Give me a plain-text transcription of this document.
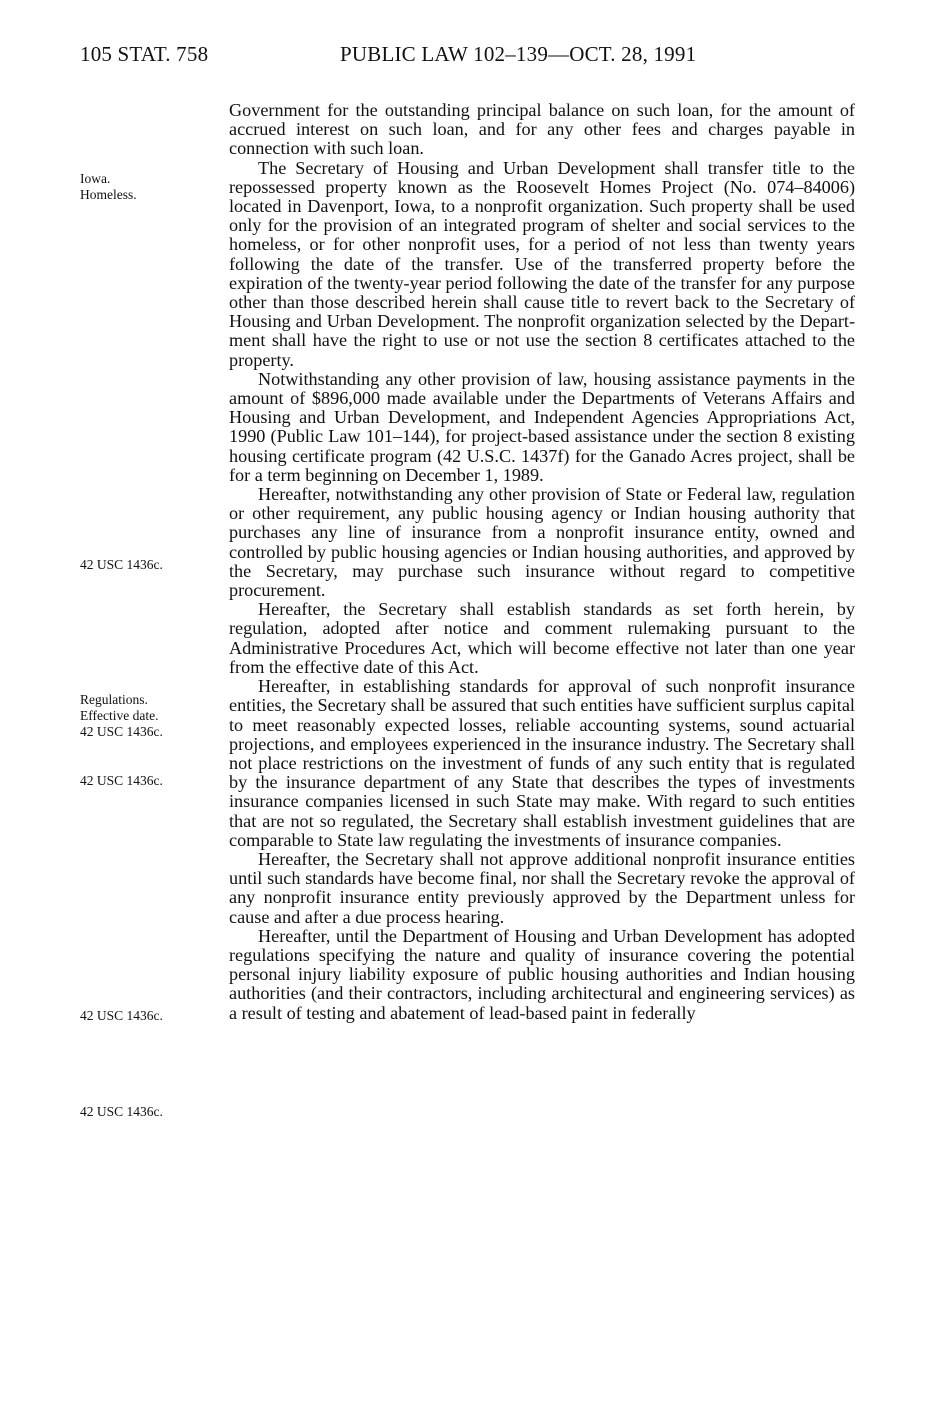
105 STAT. 758	PUBLIC LAW 102–139—OCT. 28, 1991
Iowa.
Homeless.
42 USC 1436c.
Regulations.
Effective date.
42 USC 1436c.
42 USC 1436c.
42 USC 1436c.
42 USC 1436c.

Government for the outstanding principal balance on such loan, for the amount of accrued interest on such loan, and for any other fees and charges payable in connection with such loan.

The Secretary of Housing and Urban Development shall transfer title to the repossessed property known as the Roosevelt Homes Project (No. 074–84006) located in Davenport, Iowa, to a nonprofit organization. Such property shall be used only for the provision of an integrated program of shelter and social services to the homeless, or for other nonprofit uses, for a period of not less than twenty years following the date of the transfer. Use of the transferred property before the expiration of the twenty-year period following the date of the transfer for any purpose other than those described herein shall cause title to revert back to the Secretary of Housing and Urban Development. The nonprofit organization selected by the Department shall have the right to use or not use the section 8 certificates attached to the property.

Notwithstanding any other provision of law, housing assistance payments in the amount of $896,000 made available under the Departments of Veterans Affairs and Housing and Urban Development, and Independent Agencies Appropriations Act, 1990 (Public Law 101–144), for project-based assistance under the section 8 existing housing certificate program (42 U.S.C. 1437f) for the Ganado Acres project, shall be for a term beginning on December 1, 1989.

Hereafter, notwithstanding any other provision of State or Federal law, regulation or other requirement, any public housing agency or Indian housing authority that purchases any line of insurance from a nonprofit insurance entity, owned and controlled by public housing agencies or Indian housing authorities, and approved by the Secretary, may purchase such insurance without regard to competitive procurement.

Hereafter, the Secretary shall establish standards as set forth herein, by regulation, adopted after notice and comment rulemaking pursuant to the Administrative Procedures Act, which will become effective not later than one year from the effective date of this Act.

Hereafter, in establishing standards for approval of such nonprofit insurance entities, the Secretary shall be assured that such entities have sufficient surplus capital to meet reasonably expected losses, reliable accounting systems, sound actuarial projections, and employees experienced in the insurance industry. The Secretary shall not place restrictions on the investment of funds of any such entity that is regulated by the insurance department of any State that describes the types of investments insurance companies licensed in such State may make. With regard to such entities that are not so regulated, the Secretary shall establish investment guidelines that are comparable to State law regulating the investments of insurance companies.

Hereafter, the Secretary shall not approve additional nonprofit insurance entities until such standards have become final, nor shall the Secretary revoke the approval of any nonprofit insurance entity previously approved by the Department unless for cause and after a due process hearing.

Hereafter, until the Department of Housing and Urban Development has adopted regulations specifying the nature and quality of insurance covering the potential personal injury liability exposure of public housing authorities and Indian housing authorities (and their contractors, including architectural and engineering services) as a result of testing and abatement of lead-based paint in federally
